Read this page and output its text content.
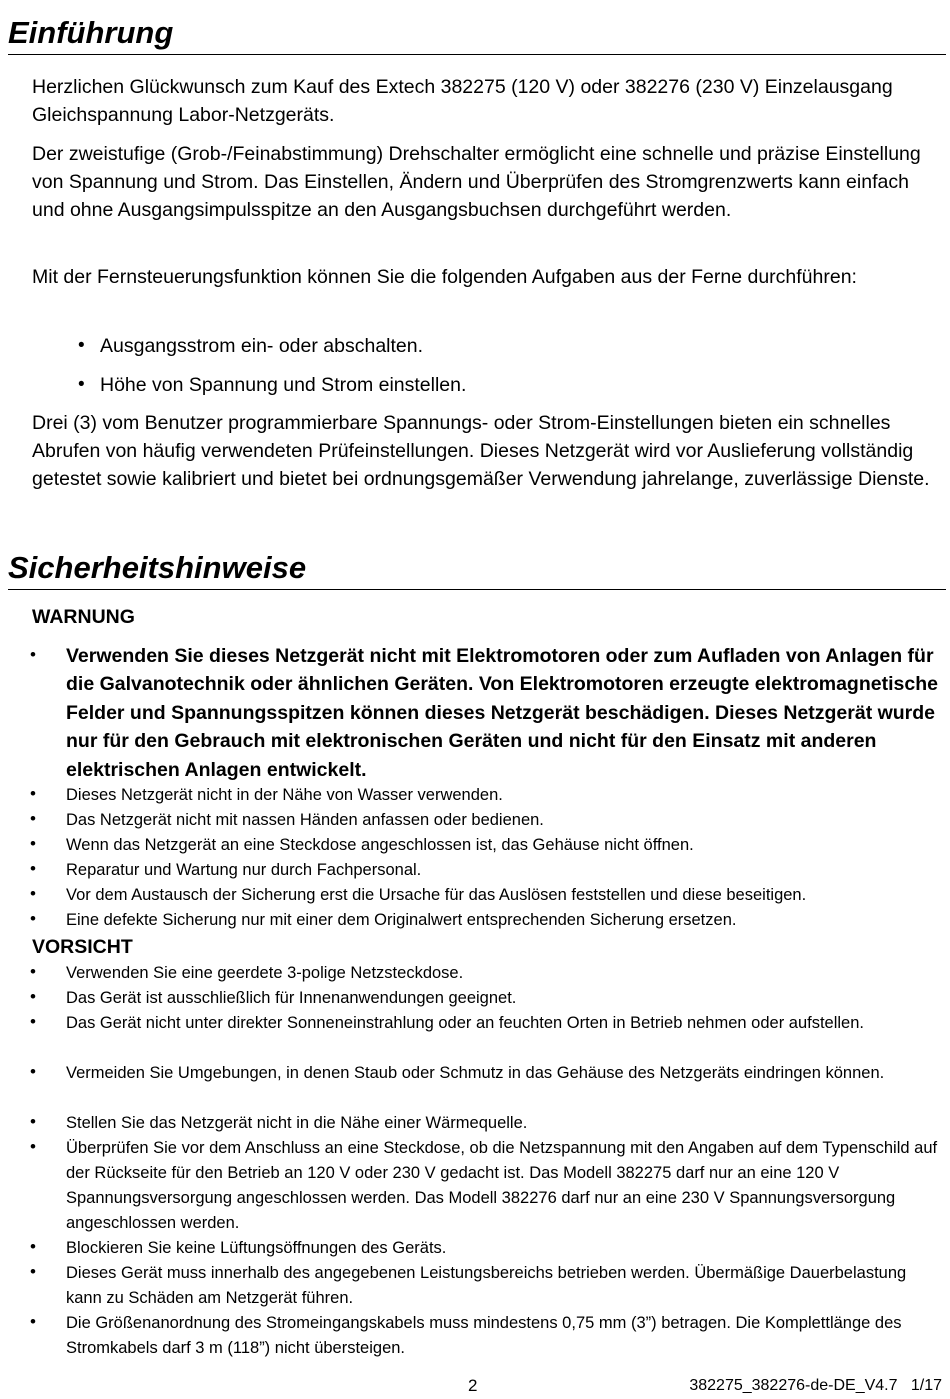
Einführung
Herzlichen Glückwunsch zum Kauf des Extech 382275 (120 V) oder 382276 (230 V) Einzelausgang Gleichspannung Labor-Netzgeräts.
Der zweistufige (Grob-/Feinabstimmung) Drehschalter ermöglicht eine schnelle und präzise Einstellung von Spannung und Strom. Das Einstellen, Ändern und Überprüfen des Stromgrenzwerts kann einfach und ohne Ausgangsimpulsspitze an den Ausgangsbuchsen durchgeführt werden.
Mit der Fernsteuerungsfunktion können Sie die folgenden Aufgaben aus der Ferne durchführen:
• Ausgangsstrom ein- oder abschalten.
• Höhe von Spannung und Strom einstellen.
Drei (3) vom Benutzer programmierbare Spannungs- oder Strom-Einstellungen bieten ein schnelles Abrufen von häufig verwendeten Prüfeinstellungen. Dieses Netzgerät wird vor Auslieferung vollständig getestet sowie kalibriert und bietet bei ordnungsgemäßer Verwendung jahrelange, zuverlässige Dienste.
Sicherheitshinweise
WARNUNG
• Verwenden Sie dieses Netzgerät nicht mit Elektromotoren oder zum Aufladen von Anlagen für die Galvanotechnik oder ähnlichen Geräten. Von Elektromotoren erzeugte elektromagnetische Felder und Spannungsspitzen können dieses Netzgerät beschädigen. Dieses Netzgerät wurde nur für den Gebrauch mit elektronischen Geräten und nicht für den Einsatz mit anderen elektrischen Anlagen entwickelt.
• Dieses Netzgerät nicht in der Nähe von Wasser verwenden.
• Das Netzgerät nicht mit nassen Händen anfassen oder bedienen.
• Wenn das Netzgerät an eine Steckdose angeschlossen ist, das Gehäuse nicht öffnen.
• Reparatur und Wartung nur durch Fachpersonal.
• Vor dem Austausch der Sicherung erst die Ursache für das Auslösen feststellen und diese beseitigen.
• Eine defekte Sicherung nur mit einer dem Originalwert entsprechenden Sicherung ersetzen.
VORSICHT
• Verwenden Sie eine geerdete 3-polige Netzsteckdose.
• Das Gerät ist ausschließlich für Innenanwendungen geeignet.
• Das Gerät nicht unter direkter Sonneneinstrahlung oder an feuchten Orten in Betrieb nehmen oder aufstellen.
• Vermeiden Sie Umgebungen, in denen Staub oder Schmutz in das Gehäuse des Netzgeräts eindringen können.
• Stellen Sie das Netzgerät nicht in die Nähe einer Wärmequelle.
• Überprüfen Sie vor dem Anschluss an eine Steckdose, ob die Netzspannung mit den Angaben auf dem Typenschild auf der Rückseite für den Betrieb an 120 V oder 230 V gedacht ist. Das Modell 382275 darf nur an eine 120 V Spannungsversorgung angeschlossen werden. Das Modell 382276 darf nur an eine 230 V Spannungsversorgung angeschlossen werden.
• Blockieren Sie keine Lüftungsöffnungen des Geräts.
• Dieses Gerät muss innerhalb des angegebenen Leistungsbereichs betrieben werden. Übermäßige Dauerbelastung kann zu Schäden am Netzgerät führen.
• Die Größenanordnung des Stromeingangskabels muss mindestens 0,75 mm (3”) betragen. Die Komplettlänge des Stromkabels darf 3 m (118”) nicht übersteigen.
2	382275_382276-de-DE_V4.7   1/17
